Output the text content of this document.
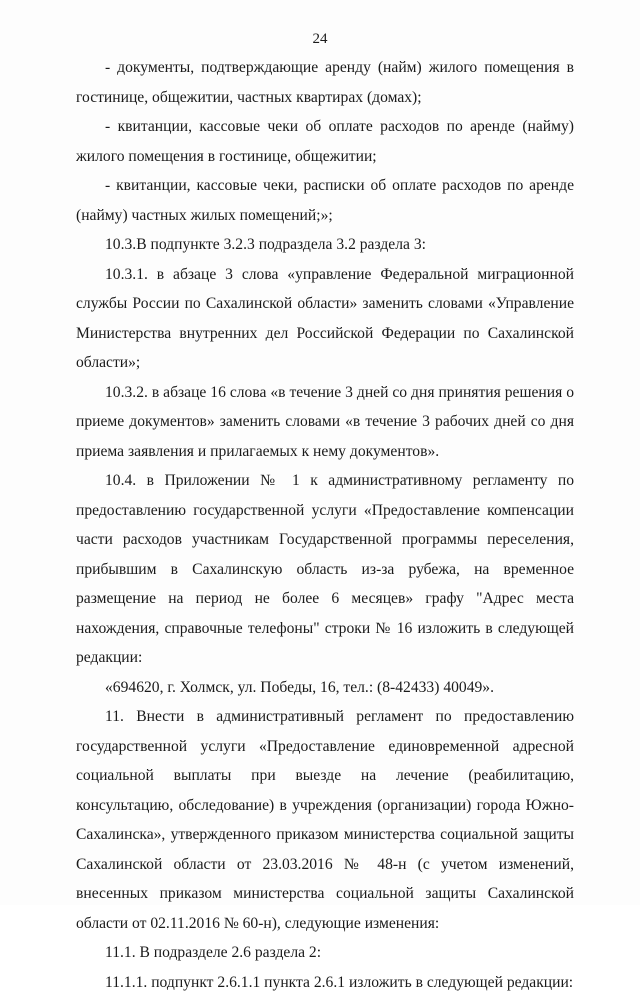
24

- документы, подтверждающие аренду (найм) жилого помещения в гостинице, общежитии, частных квартирах (домах);

- квитанции, кассовые чеки об оплате расходов по аренде (найму) жилого помещения в гостинице, общежитии;

- квитанции, кассовые чеки, расписки об оплате расходов по аренде (найму) частных жилых помещений;»;

10.3.В подпункте 3.2.3 подраздела 3.2 раздела 3:

10.3.1. в абзаце 3 слова «управление Федеральной миграционной службы России по Сахалинской области» заменить словами «Управление Министерства внутренних дел Российской Федерации по Сахалинской области»;

10.3.2. в абзаце 16 слова «в течение 3 дней со дня принятия решения о приеме документов» заменить словами «в течение 3 рабочих дней со дня приема заявления и прилагаемых к нему документов».

10.4. в Приложении № 1 к административному регламенту по предоставлению государственной услуги «Предоставление компенсации части расходов участникам Государственной программы переселения, прибывшим в Сахалинскую область из-за рубежа, на временное размещение на период не более 6 месяцев» графу "Адрес места нахождения, справочные телефоны" строки № 16 изложить в следующей редакции:

«694620, г. Холмск, ул. Победы, 16, тел.: (8-42433) 40049».

11. Внести в административный регламент по предоставлению государственной услуги «Предоставление единовременной адресной социальной выплаты при выезде на лечение (реабилитацию, консультацию, обследование) в учреждения (организации) города Южно-Сахалинска», утвержденного приказом министерства социальной защиты Сахалинской области от 23.03.2016 № 48-н (с учетом изменений, внесенных приказом министерства социальной защиты Сахалинской области от 02.11.2016 № 60-н), следующие изменения:

11.1. В подразделе 2.6 раздела 2:

11.1.1. подпункт 2.6.1.1 пункта 2.6.1 изложить в следующей редакции:
